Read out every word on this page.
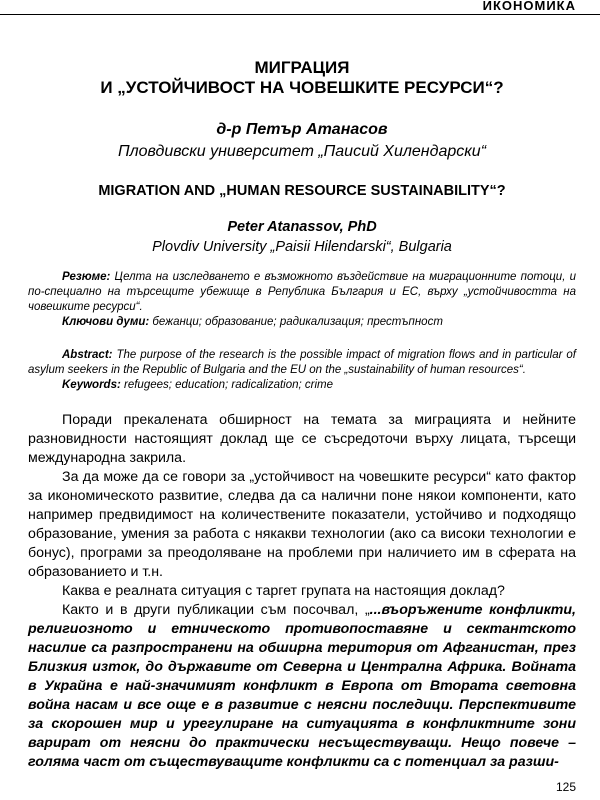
ИКОНОМИКА
МИГРАЦИЯ
И „УСТОЙЧИВОСТ НА ЧОВЕШКИТЕ РЕСУРСИ“?
д-р Петър Атанасов
Пловдивски университет „Паисий Хилендарски“
MIGRATION AND „HUMAN RESOURCE SUSTAINABILITY“?
Peter Atanassov, PhD
Plovdiv University „Paisii Hilendarski“, Bulgaria
Резюме: Целта на изследването е възможното въздействие на миграционните потоци, и по-специално на търсещите убежище в Република България и ЕС, върху „устойчивостта на човешките ресурси“.
Ключови думи: бежанци; образование; радикализация; престъпност
Abstract: The purpose of the research is the possible impact of migration flows and in particular of asylum seekers in the Republic of Bulgaria and the EU on the „sustainability of human resources“.
Keywords: refugees; education; radicalization; crime

Поради прекалената обширност на темата за миграцията и нейните разновидности настоящият доклад ще се съсредоточи върху лицата, търсещи международна закрила.

За да може да се говори за „устойчивост на човешките ресурси“ като фактор за икономическото развитие, следва да са налични поне някои компоненти, като например предвидимост на количествените показатели, устойчиво и подходящо образование, умения за работа с някакви технологии (ако са високи технологии е бонус), програми за преодоляване на проблеми при наличието им в сферата на образованието и т.н.

Каква е реалната ситуация с таргет групата на настоящия доклад?

Както и в други публикации съм посочвал, „...въоръжените конфликти, религиозното и етническото противопоставяне и сектантското насилие са разпространени на обширна територия от Афганистан, през Близкия изток, до държавите от Северна и Централна Африка. Войната в Украйна е най-значимият конфликт в Европа от Втората световна война насам и все още е в развитие с неясни последици. Перспективите за скорошен мир и урегулиране на ситуацията в конфликтните зони варират от неясни до практически несъществуващи. Нещо повече – голяма част от съществуващите конфликти са с потенциал за разши-

125
